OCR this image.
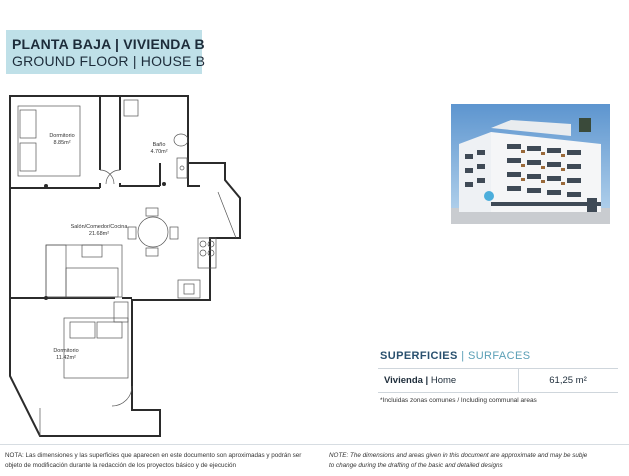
PLANTA BAJA | VIVIENDA B
GROUND FLOOR | HOUSE B
Dormitorio
8.85m²	Baño
4.70m²
Salón/Comedor/Cocina
21.68m²
Dormitorio
11.42m²	SUPERFICIES | SURFACES
Vivienda | Home	61,25 m²
*Incluidas zonas comunes / Including communal areas
NOTA: Las dimensiones y las superficies que aparecen en este documento son aproximadas y podrán ser objeto de modificación durante la redacción de los proyectos básico y de ejecución
NOTE: The dimensions and areas given in this document are approximate and may be subje
to change during the drafting of the basic and detailed designs
